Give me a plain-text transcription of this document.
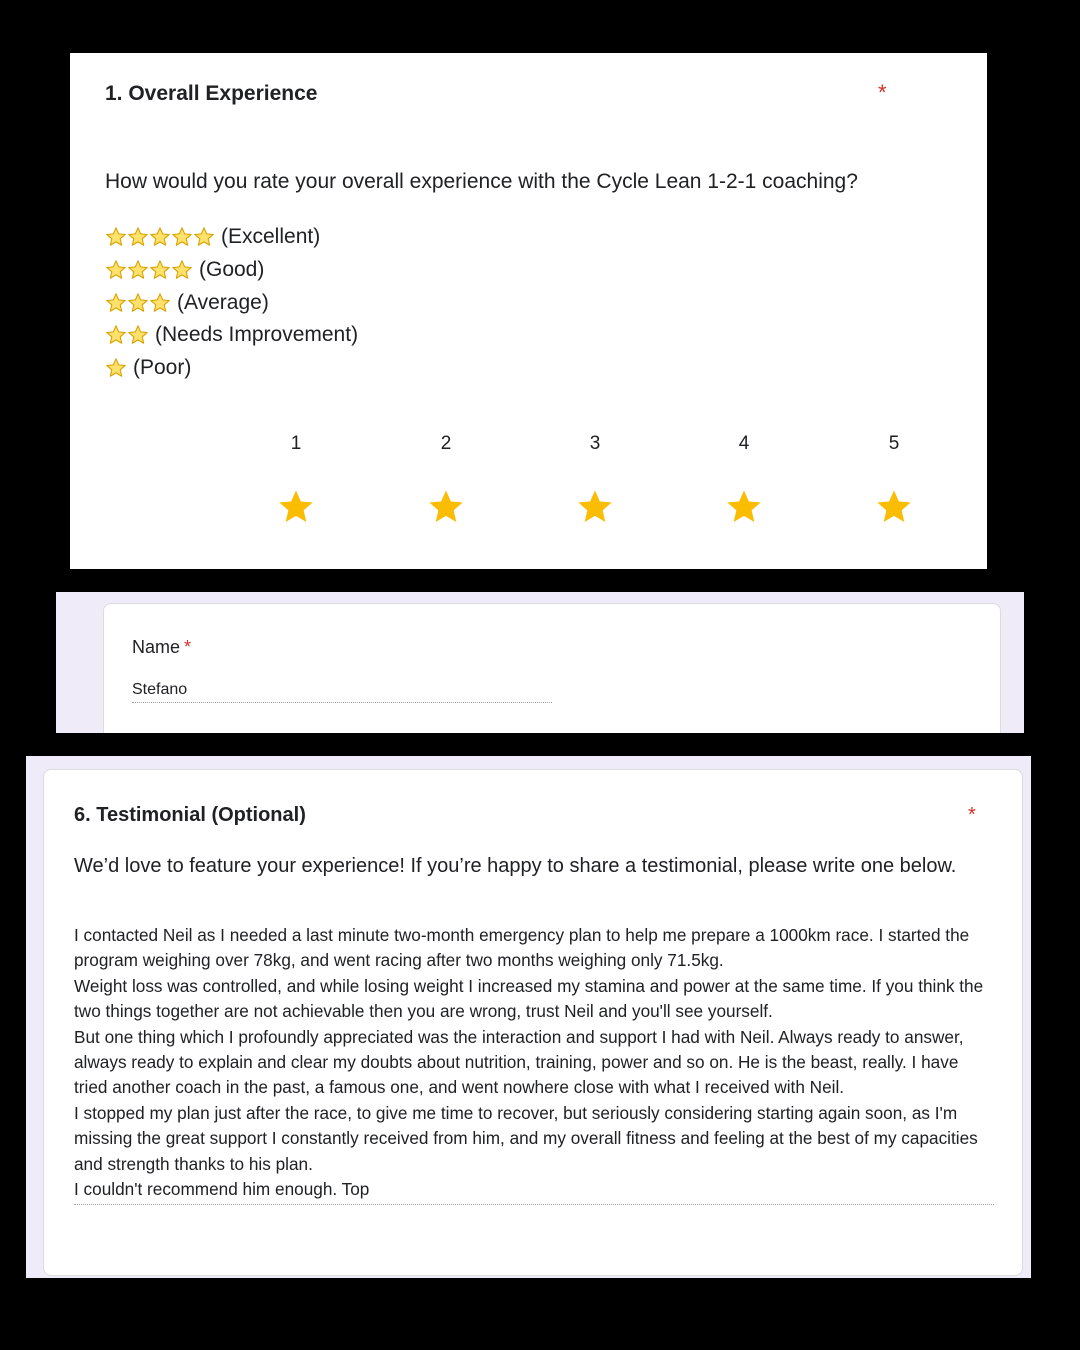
1. Overall Experience	*
How would you rate your overall experience with the Cycle Lean 1-2-1 coaching?
(Excellent)
(Good)
(Average)
(Needs Improvement)
(Poor)
1	2	3	4	5
Name *
Stefano
6. Testimonial (Optional)	*
We’d love to feature your experience! If you’re happy to share a testimonial, please write one below.

I contacted Neil as I needed a last minute two-month emergency plan to help me prepare a 1000km race. I started the program weighing over 78kg, and went racing after two months weighing only 71.5kg.

Weight loss was controlled, and while losing weight I increased my stamina and power at the same time. If you think the two things together are not achievable then you are wrong, trust Neil and you'll see yourself.

But one thing which I profoundly appreciated was the interaction and support I had with Neil. Always ready to answer, always ready to explain and clear my doubts about nutrition, training, power and so on. He is the beast, really. I have tried another coach in the past, a famous one, and went nowhere close with what I received with Neil.

I stopped my plan just after the race, to give me time to recover, but seriously considering starting again soon, as I'm missing the great support I constantly received from him, and my overall fitness and feeling at the best of my capacities and strength thanks to his plan.

I couldn't recommend him enough. Top
